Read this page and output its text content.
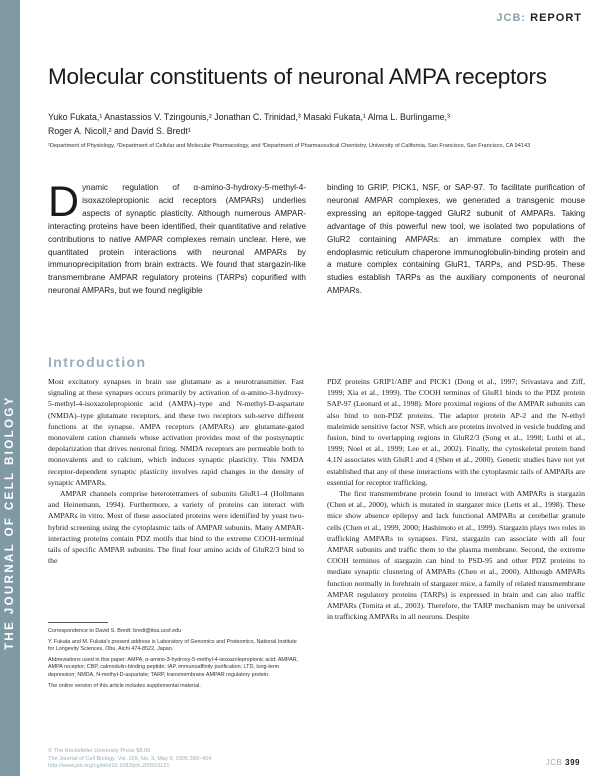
THE JOURNAL OF CELL BIOLOGY
JCB: REPORT
Molecular constituents of neuronal AMPA receptors
Yuko Fukata,¹ Anastassios V. Tzingounis,² Jonathan C. Trinidad,³ Masaki Fukata,¹ Alma L. Burlingame,³
Roger A. Nicoll,² and David S. Bredt¹
¹Department of Physiology, ²Department of Cellular and Molecular Pharmacology, and ³Department of Pharmaceutical Chemistry, University of California, San Francisco, San Francisco, CA 94143
Dynamic regulation of α-amino-3-hydroxy-5-methyl-4-isoxazolepropionic acid receptors (AMPARs) underlies aspects of synaptic plasticity. Although numerous AMPAR-interacting proteins have been identified, their quantitative and relative contributions to native AMPAR complexes remain unclear. Here, we quantitated protein interactions with neuronal AMPARs by immunoprecipitation from brain extracts. We found that stargazin-like transmembrane AMPAR regulatory proteins (TARPs) copurified with neuronal AMPARs, but we found negligible
binding to GRIP, PICK1, NSF, or SAP-97. To facilitate purification of neuronal AMPAR complexes, we generated a transgenic mouse expressing an epitope-tagged GluR2 subunit of AMPARs. Taking advantage of this powerful new tool, we isolated two populations of GluR2 containing AMPARs: an immature complex with the endoplasmic reticulum chaperone immunoglobulin-binding protein and a mature complex containing GluR1, TARPs, and PSD-95. These studies establish TARPs as the auxiliary components of neuronal AMPARs.
Introduction

Most excitatory synapses in brain use glutamate as a neurotransmitter. Fast signaling at these synapses occurs primarily by activation of α-amino-3-hydroxy-5-methyl-4-isoxazolepropionic acid (AMPA)–type and N-methyl-D-aspartate (NMDA)–type glutamate receptors, and these two receptors sub-serve different functions at the synapse. AMPA receptors (AMPARs) are glutamate-gated monovalent cation channels whose activation provides most of the postsynaptic depolarization that drives neuronal firing. NMDA receptors are permeable both to monovalents and to calcium, which induces synaptic plasticity. This NMDA receptor-dependent synaptic plasticity involves rapid changes in the density of synaptic AMPARs.

AMPAR channels comprise heterotetramers of subunits GluR1–4 (Hollmann and Heinemann, 1994). Furthermore, a variety of proteins can interact with AMPARs in vitro. Most of these associated proteins were identified by yeast two-hybrid screening using the cytoplasmic tails of AMPAR subunits. Many AMPAR-interacting proteins contain PDZ motifs that bind to the extreme COOH-terminal tails of specific AMPAR subunits. The final four amino acids of GluR2/3 bind to the

PDZ proteins GRIP1/ABP and PICK1 (Dong et al., 1997; Srivastava and Ziff, 1999; Xia et al., 1999). The COOH terminus of GluR1 binds to the PDZ protein SAP-97 (Leonard et al., 1998). More proximal regions of the AMPAR subunits can also bind to non-PDZ proteins. The adaptor protein AP-2 and the N-ethyl maleimide sensitive factor NSF, which are proteins involved in vesicle budding and fusion, bind to overlapping regions in GluR2/3 (Song et al., 1998; Luthi et al., 1999; Noel et al., 1999; Lee et al., 2002). Finally, the cytoskeletal protein band 4.1N associates with GluR1 and 4 (Shen et al., 2000). Genetic studies have not yet established that any of these interactions with the cytoplasmic tails of AMPARs are essential for receptor trafficking.

The first transmembrane protein found to interact with AMPARs is stargazin (Chen et al., 2000), which is mutated in stargazer mice (Letts et al., 1998). These mice show absence epilepsy and lack functional AMPARs at cerebellar granule cells (Chen et al., 1999, 2000; Hashimoto et al., 1999). Stargazin plays two roles in trafficking AMPARs to synapses. First, stargazin can associate with all four AMPAR subunits and traffic them to the plasma membrane. Second, the extreme COOH terminus of stargazin can bind to PSD-95 and other PDZ proteins to mediate synaptic clustering of AMPARs (Chen et al., 2000). Although AMPARs function normally in forebrain of stargazer mice, a family of related transmembrane AMPAR regulatory proteins (TARPs) is expressed in brain and can also traffic AMPARs (Tomita et al., 2003). Therefore, the TARP mechanism may be universal in trafficking AMPARs in all neurons. Despite

Correspondence to David S. Bredt: bredt@itsa.ucsf.edu

Y. Fukata and M. Fukata's present address is Laboratory of Genomics and Proteomics, National Institute for Longevity Sciences, Obu, Aichi 474-8522, Japan.

Abbreviations used in this paper: AMPA, α-amino-3-hydroxy-5-methyl-4-isoxazolepropionic acid; AMPAR, AMPA receptor; CBP, calmodulin-binding peptide; IAP, immunoaffinity purification; LTD, long-term depression; NMDA, N-methyl-D-aspartate; TARP, transmembrane AMPAR regulatory protein.

The online version of this article includes supplemental material.

© The Rockefeller University Press $8.00
The Journal of Cell Biology, Vol. 169, No. 3, May 9, 2005 399–404
http://www.jcb.org/cgi/doi/10.1083/jcb.200501121	JCB 399
